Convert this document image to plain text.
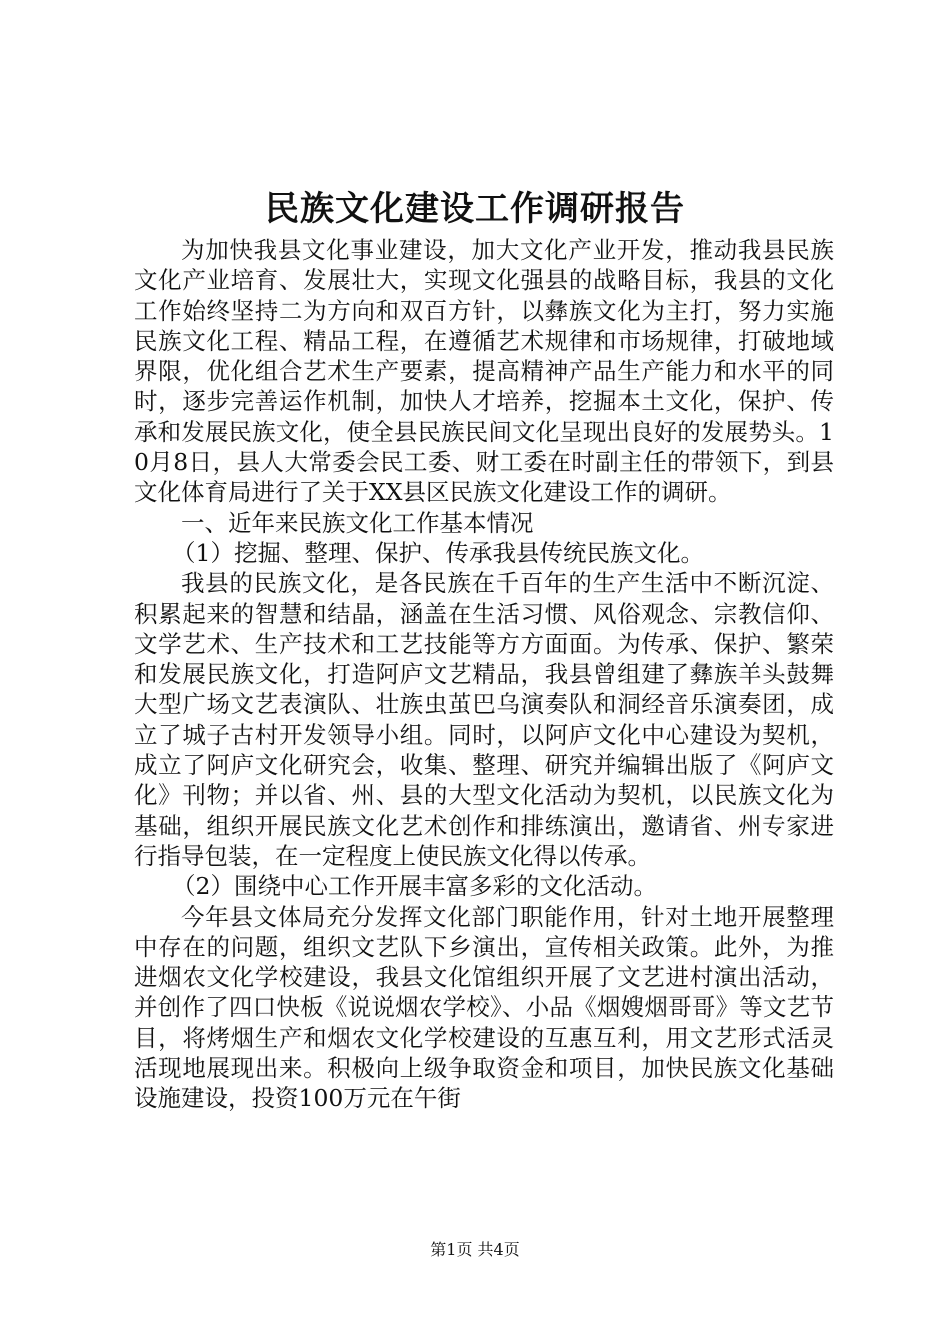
民族文化建设工作调研报告

为加快我县文化事业建设，加大文化产业开发，推动我县民族文化产业培育、发展壮大，实现文化强县的战略目标，我县的文化工作始终坚持二为方向和双百方针，以彝族文化为主打，努力实施民族文化工程、精品工程，在遵循艺术规律和市场规律，打破地域界限，优化组合艺术生产要素，提高精神产品生产能力和水平的同时，逐步完善运作机制，加快人才培养，挖掘本土文化，保护、传承和发展民族文化，使全县民族民间文化呈现出良好的发展势头。10月8日，县人大常委会民工委、财工委在时副主任的带领下，到县文化体育局进行了关于XX县区民族文化建设工作的调研。

一、近年来民族文化工作基本情况

（1）挖掘、整理、保护、传承我县传统民族文化。

我县的民族文化，是各民族在千百年的生产生活中不断沉淀、积累起来的智慧和结晶，涵盖在生活习惯、风俗观念、宗教信仰、文学艺术、生产技术和工艺技能等方方面面。为传承、保护、繁荣和发展民族文化，打造阿庐文艺精品，我县曾组建了彝族羊头鼓舞大型广场文艺表演队、壮族虫茧巴乌演奏队和洞经音乐演奏团，成立了城子古村开发领导小组。同时，以阿庐文化中心建设为契机，成立了阿庐文化研究会，收集、整理、研究并编辑出版了《阿庐文化》刊物；并以省、州、县的大型文化活动为契机，以民族文化为基础，组织开展民族文化艺术创作和排练演出，邀请省、州专家进行指导包装，在一定程度上使民族文化得以传承。

（2）围绕中心工作开展丰富多彩的文化活动。

今年县文体局充分发挥文化部门职能作用，针对土地开展整理中存在的问题，组织文艺队下乡演出，宣传相关政策。此外，为推进烟农文化学校建设，我县文化馆组织开展了文艺进村演出活动，并创作了四口快板《说说烟农学校》、小品《烟嫂烟哥哥》等文艺节目，将烤烟生产和烟农文化学校建设的互惠互利，用文艺形式活灵活现地展现出来。积极向上级争取资金和项目，加快民族文化基础设施建设，投资100万元在午街

第1页 共4页
